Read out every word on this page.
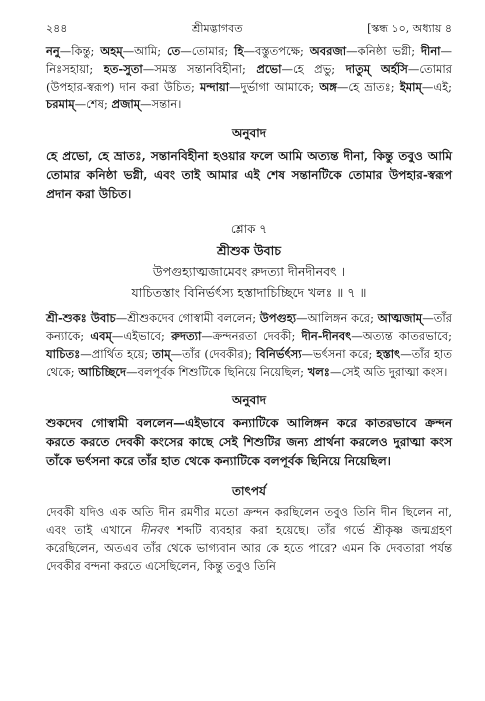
২৪৪	শ্রীমদ্ভাগবত	[স্কন্ধ ১০, অধ্যায় ৪

ননু—কিন্তু; অহম্—আমি; তে—তোমার; হি—বস্তুতপক্ষে; অবরজা—কনিষ্ঠা ভগ্নী; দীনা—নিঃসহায়া; হত-সুতা—সমস্ত সন্তানবিহীনা; প্রভো—হে প্রভু; দাতুম্ অর্হসি—তোমার (উপহার-স্বরূপ) দান করা উচিত; মন্দায়া—দুর্ভাগা আমাকে; অঙ্গ—হে ভ্রাতঃ; ইমাম্—এই; চরমাম্—শেষ; প্রজাম্—সন্তান।

অনুবাদ

হে প্রভো, হে ভ্রাতঃ, সন্তানবিহীনা হওয়ার ফলে আমি অত্যন্ত দীনা, কিন্তু তবুও আমি তোমার কনিষ্ঠা ভগ্নী, এবং তাই আমার এই শেষ সন্তানটিকে তোমার উপহার-স্বরূপ প্রদান করা উচিত।

শ্লোক ৭
শ্রীশুক উবাচ
উপগুহ্যাত্মজামেবং রুদত্যা দীনদীনবৎ ।
যাচিতস্তাং বিনির্ভর্ৎস্য হস্তাদাচিচ্ছিদে খলঃ ॥ ৭ ॥

শ্রী-শুকঃ উবাচ—শ্রীশুকদেব গোস্বামী বললেন; উপগুহ্য—আলিঙ্গন করে; আত্মজাম্—তাঁর কন্যাকে; এবম্—এইভাবে; রুদত্যা—ক্রন্দনরতা দেবকী; দীন-দীনবৎ—অত্যন্ত কাতরভাবে; যাচিতঃ—প্রার্থিত হয়ে; তাম্—তাঁর (দেবকীর); বিনির্ভর্ৎস্য—ভর্ৎসনা করে; হস্তাৎ—তাঁর হাত থেকে; আচিচ্ছিদে—বলপূর্বক শিশুটিকে ছিনিয়ে নিয়েছিল; খলঃ—সেই অতি দুরাত্মা কংস।

অনুবাদ

শুকদেব গোস্বামী বললেন—এইভাবে কন্যাটিকে আলিঙ্গন করে কাতরভাবে ক্রন্দন করতে করতে দেবকী কংসের কাছে সেই শিশুটির জন্য প্রার্থনা করলেও দুরাত্মা কংস তাঁকে ভর্ৎসনা করে তাঁর হাত থেকে কন্যাটিকে বলপূর্বক ছিনিয়ে নিয়েছিল।

তাৎপর্য

দেবকী যদিও এক অতি দীন রমণীর মতো ক্রন্দন করছিলেন তবুও তিনি দীন ছিলেন না, এবং তাই এখানে দীনবৎ শব্দটি ব্যবহার করা হয়েছে। তাঁর গর্ভে শ্রীকৃষ্ণ জন্মগ্রহণ করেছিলেন, অতএব তাঁর থেকে ভাগ্যবান আর কে হতে পারে? এমন কি দেবতারা পর্যন্ত দেবকীর বন্দনা করতে এসেছিলেন, কিন্তু তবুও তিনি
